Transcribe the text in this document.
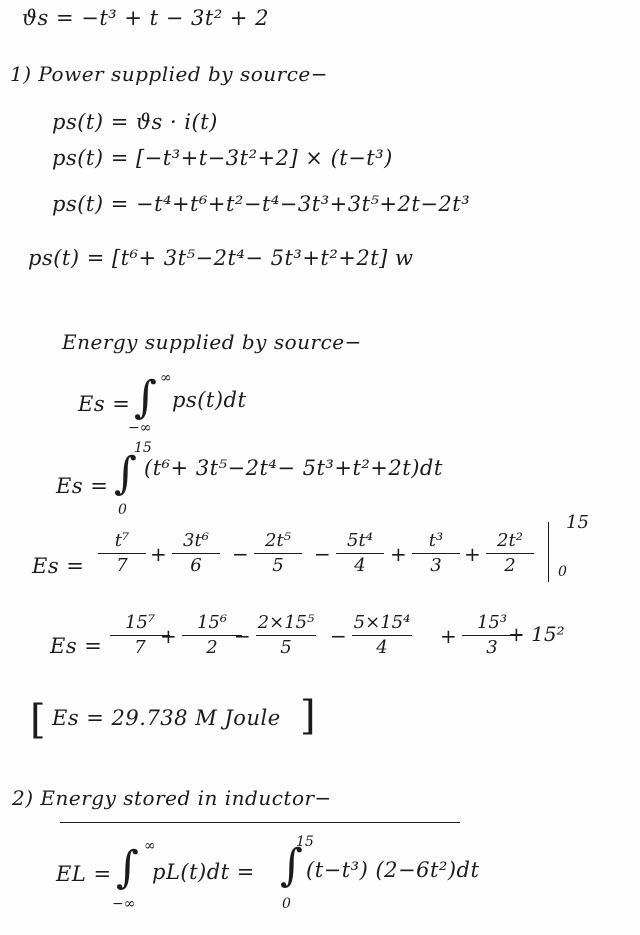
ϑs = −t³ + t − 3t² + 2
1) Power supplied by source−
ps(t) = ϑs · i(t)
ps(t) = [−t³+t−3t²+2] × (t−t³)
ps(t) = −t⁴+t⁶+t²−t⁴−3t³+3t⁵+2t−2t³
ps(t) = [t⁶+ 3t⁵−2t⁴− 5t³+t²+2t] w
Energy supplied by source−
Es = ∫ ∞
−∞
ps(t)dt
Es = ∫
15
0
(t⁶+ 3t⁵−2t⁴− 5t³+t²+2t)dt
Es =
t⁷
7	+
3t⁶
6	−
2t⁵
5	−
5t⁴
4	+
t³
3	+
2t²
2
15
0
Es =
15⁷
7 +
15⁶
2 −
2×15⁵
5	−
5×15⁴
4	+
15³
3
+ 15²
[ Es = 29.738 M Joule ]
2) Energy stored in inductor−
EL = ∫ ∞
−∞
pL(t)dt = ∫
15
0
(t−t³) (2−6t²)dt
